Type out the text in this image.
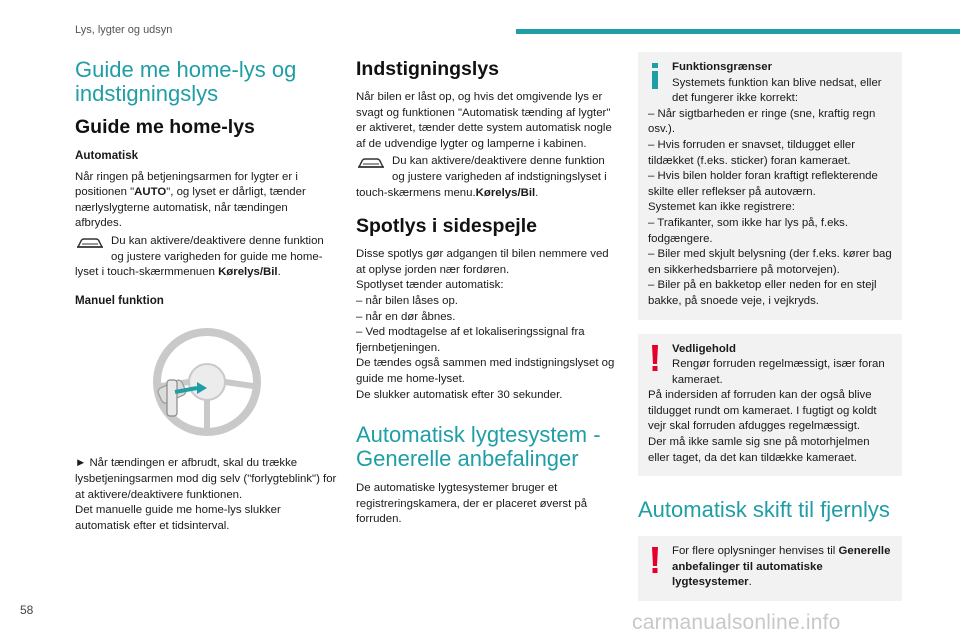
Lys, lygter og udsyn
Guide me home-lys og indstigningslys
Guide me home-lys
Automatisk
Når ringen på betjeningsarmen for lygter er i positionen "AUTO", og lyset er dårligt, tænder nærlyslygterne automatisk, når tændingen afbrydes.
Du kan aktivere/deaktivere denne funktion og justere varigheden for guide me home-lyset i touch-skærmmenuen Kørelys/Bil.
Manuel funktion
► Når tændingen er afbrudt, skal du trække lysbetjeningsarmen mod dig selv ("forlygteblink") for at aktivere/deaktivere funktionen.
Det manuelle guide me home-lys slukker automatisk efter et tidsinterval.
Indstigningslys
Når bilen er låst op, og hvis det omgivende lys er svagt og funktionen "Automatisk tænding af lygter" er aktiveret, tænder dette system automatisk nogle af de udvendige lygter og lamperne i kabinen.
Du kan aktivere/deaktivere denne funktion og justere varigheden af indstigningslyset i touch-skærmens menu.Kørelys/Bil.
Spotlys i sidespejle
Disse spotlys gør adgangen til bilen nemmere ved at oplyse jorden nær fordøren.
Spotlyset tænder automatisk:
– når bilen låses op.
– når en dør åbnes.
– Ved modtagelse af et lokaliseringssignal fra fjernbetjeningen.
De tændes også sammen med indstigningslyset og guide me home-lyset.
De slukker automatisk efter 30 sekunder.
Automatisk lygtesystem - Generelle anbefalinger
De automatiske lygtesystemer bruger et registreringskamera, der er placeret øverst på forruden.
Funktionsgrænser
Systemets funktion kan blive nedsat, eller det fungerer ikke korrekt:
– Når sigtbarheden er ringe (sne, kraftig regn osv.).
– Hvis forruden er snavset, tildugget eller tildækket (f.eks. sticker) foran kameraet.
– Hvis bilen holder foran kraftigt reflekterende skilte eller reflekser på autoværn.
Systemet kan ikke registrere:
– Trafikanter, som ikke har lys på, f.eks. fodgængere.
– Biler med skjult belysning (der f.eks. kører bag en sikkerhedsbarriere på motorvejen).
– Biler på en bakketop eller neden for en stejl bakke, på snoede veje, i vejkryds.
Vedligehold
Rengør forruden regelmæssigt, især foran kameraet.
På indersiden af forruden kan der også blive tildugget rundt om kameraet. I fugtigt og koldt vejr skal forruden afdugges regelmæssigt.
Der må ikke samle sig sne på motorhjelmen eller taget, da det kan tildække kameraet.
Automatisk skift til fjernlys
For flere oplysninger henvises til Generelle anbefalinger til automatiske lygtesystemer.
58
carmanualsonline.info
